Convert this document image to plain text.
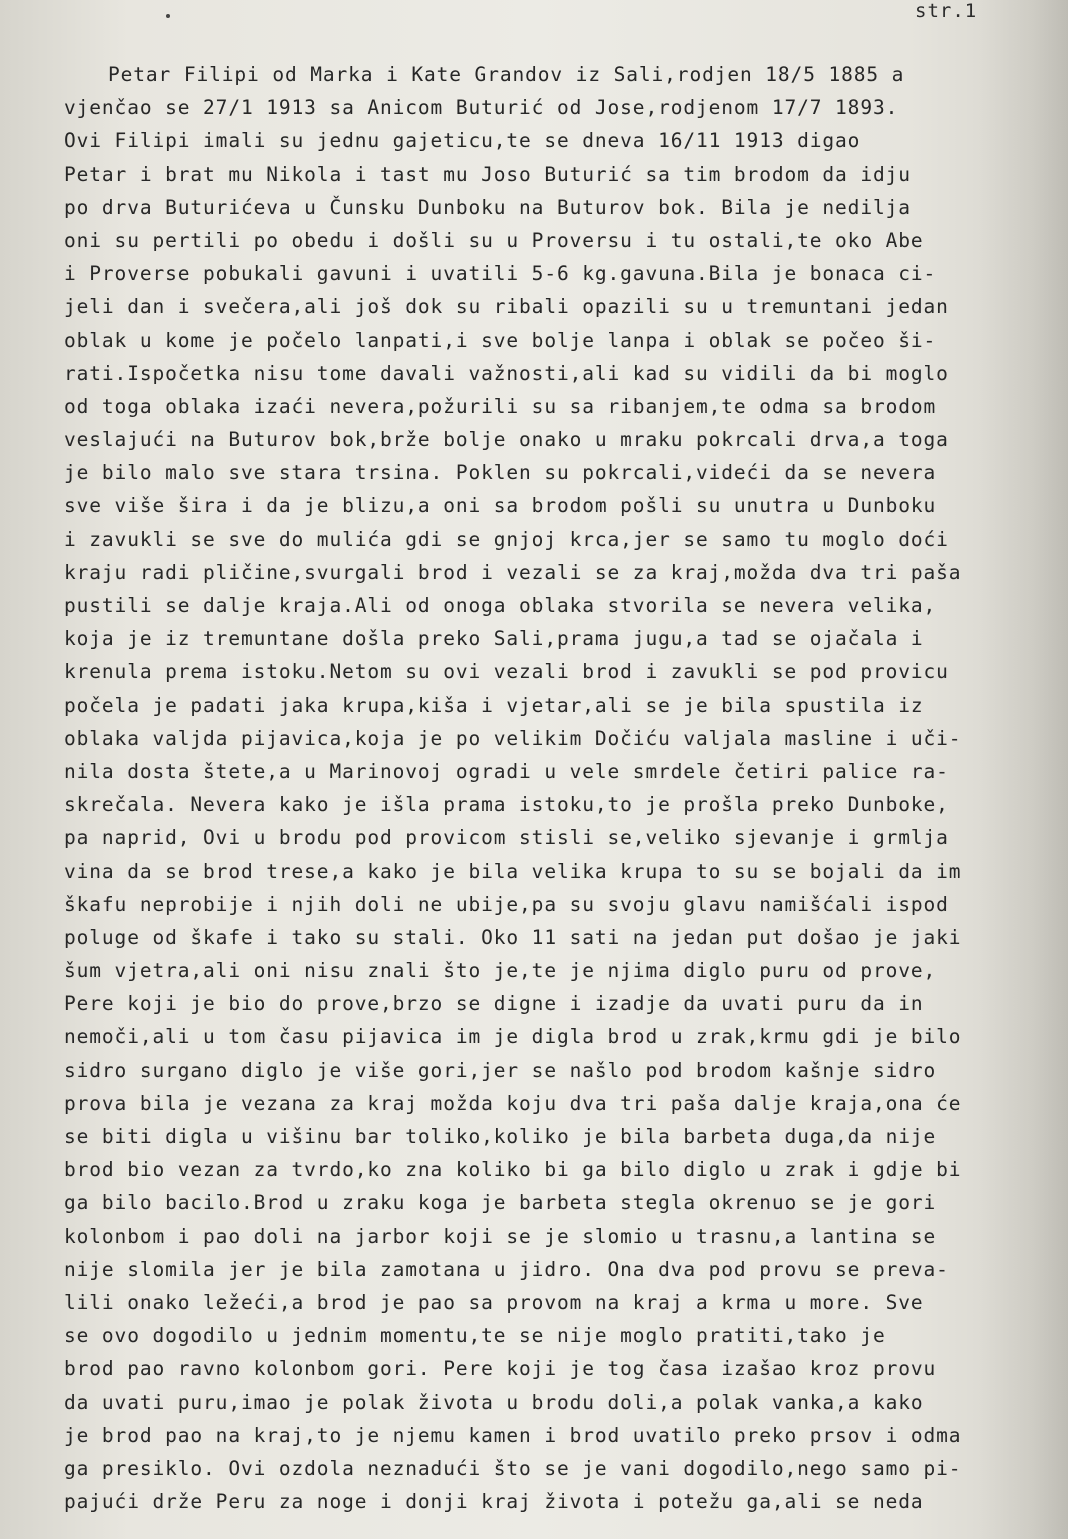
str.1
Petar Filipi od Marka i Kate Grandov iz Sali,rodjen 18/5 1885 a
vjenčao se 27/1 1913 sa Anicom Buturić od Jose,rodjenom 17/7 1893.
Ovi Filipi imali su jednu gajeticu,te se dneva 16/11 1913 digao
Petar i brat mu Nikola i tast mu Joso Buturić sa tim brodom da idju
po drva Buturićeva u Čunsku Dunboku na Buturov bok. Bila je nedilja
oni su pertili po obedu i došli su u Proversu i tu ostali,te oko Abe
i Proverse pobukali gavuni i uvatili 5-6 kg.gavuna.Bila je bonaca ci-
jeli dan i svečera,ali još dok su ribali opazili su u tremuntani jedan
oblak u kome je počelo lanpati,i sve bolje lanpa i oblak se počeo ši-
rati.Ispočetka nisu tome davali važnosti,ali kad su vidili da bi moglo
od toga oblaka izaći nevera,požurili su sa ribanjem,te odma sa brodom
veslajući na Buturov bok,brže bolje onako u mraku pokrcali drva,a toga
je bilo malo sve stara trsina. Poklen su pokrcali,videći da se nevera
sve više šira i da je blizu,a oni sa brodom pošli su unutra u Dunboku
i zavukli se sve do mulića gdi se gnjoj krca,jer se samo tu moglo doći
kraju radi pličine,svurgali brod i vezali se za kraj,možda dva tri paša
pustili se dalje kraja.Ali od onoga oblaka stvorila se nevera velika,
koja je iz tremuntane došla preko Sali,prama jugu,a tad se ojačala i
krenula prema istoku.Netom su ovi vezali brod i zavukli se pod provicu
počela je padati jaka krupa,kiša i vjetar,ali se je bila spustila iz
oblaka valjda pijavica,koja je po velikim Dočiću valjala masline i uči-
nila dosta štete,a u Marinovoj ogradi u vele smrdele četiri palice ra-
skrečala. Nevera kako je išla prama istoku,to je prošla preko Dunboke,
pa naprid, Ovi u brodu pod provicom stisli se,veliko sjevanje i grmlja
vina da se brod trese,a kako je bila velika krupa to su se bojali da im
škafu neprobije i njih doli ne ubije,pa su svoju glavu namišćali ispod
poluge od škafe i tako su stali. Oko 11 sati na jedan put došao je jaki
šum vjetra,ali oni nisu znali što je,te je njima diglo puru od prove,
Pere koji je bio do prove,brzo se digne i izadje da uvati puru da in
nemoči,ali u tom času pijavica im je digla brod u zrak,krmu gdi je bilo
sidro surgano diglo je više gori,jer se našlo pod brodom kašnje sidro
prova bila je vezana za kraj možda koju dva tri paša dalje kraja,ona će
se biti digla u višinu bar toliko,koliko je bila barbeta duga,da nije
brod bio vezan za tvrdo,ko zna koliko bi ga bilo diglo u zrak i gdje bi
ga bilo bacilo.Brod u zraku koga je barbeta stegla okrenuo se je gori
kolonbom i pao doli na jarbor koji se je slomio u trasnu,a lantina se
nije slomila jer je bila zamotana u jidro. Ona dva pod provu se preva-
lili onako ležeći,a brod je pao sa provom na kraj a krma u more. Sve
se ovo dogodilo u jednim momentu,te se nije moglo pratiti,tako je
brod pao ravno kolonbom gori. Pere koji je tog časa izašao kroz provu
da uvati puru,imao je polak života u brodu doli,a polak vanka,a kako
je brod pao na kraj,to je njemu kamen i brod uvatilo preko prsov i odma
ga presiklo. Ovi ozdola neznadući što se je vani dogodilo,nego samo pi-
pajući drže Peru za noge i donji kraj života i potežu ga,ali se neda
